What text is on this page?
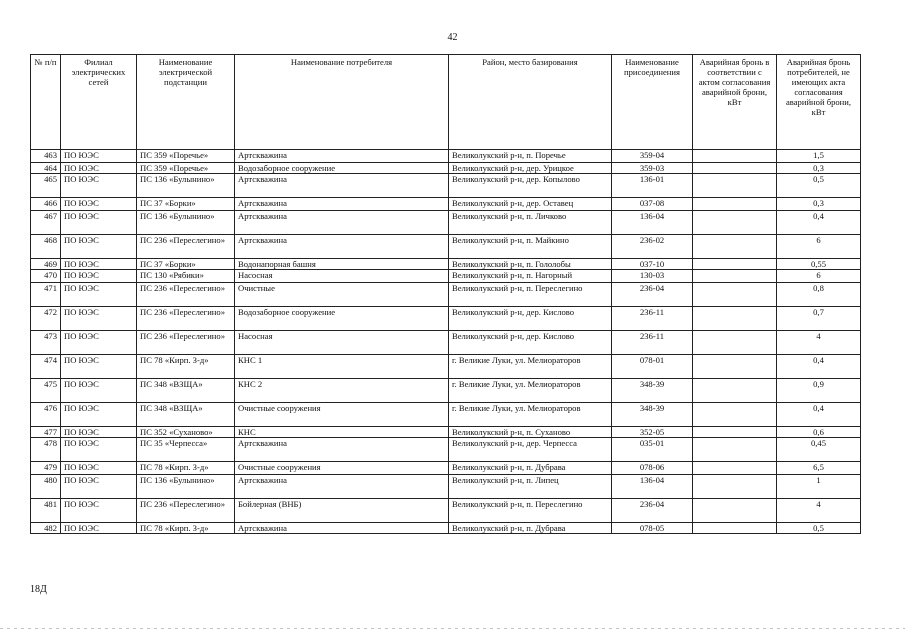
42
№ п/п	Филиал электрических сетей	Наименование электрической подстанции	Наименование потребителя	Район, место базирования	Наименование присоединения	Аварийная бронь в соответствии с актом согласования аварийной брони, кВт	Аварийная бронь потребителей, не имеющих акта согласования аварийной брони, кВт
463	ПО ЮЭС	ПС 359 «Поречье»	Артскважина	Великолукский р-н, п. Поречье	359-04		1,5
464	ПО ЮЭС	ПС 359 «Поречье»	Водозаборное сооружение	Великолукский р-н, дер. Урицкое	359-03		0,3
465	ПО ЮЭС	ПС 136 «Булынино»	Артскважина	Великолукский р-н, дер. Копылово	136-01		0,5
466	ПО ЮЭС	ПС 37 «Борки»	Артскважина	Великолукский р-н, дер. Оставец	037-08		0,3
467	ПО ЮЭС	ПС 136 «Булынино»	Артскважина	Великолукский р-н, п. Личково	136-04		0,4
468	ПО ЮЭС	ПС 236 «Переслегино»	Артскважина	Великолукский р-н, п. Майкино	236-02		6
469	ПО ЮЭС	ПС 37 «Борки»	Водонапорная башня	Великолукский р-н, п. Гололобы	037-10		0,55
470	ПО ЮЭС	ПС 130 «Рябики»	Насосная	Великолукский р-н, п. Нагорный	130-03		6
471	ПО ЮЭС	ПС 236 «Переслегино»	Очистные	Великолукский р-н, п. Переслегино	236-04		0,8
472	ПО ЮЭС	ПС 236 «Переслегино»	Водозаборное сооружение	Великолукский р-н, дер. Кислово	236-11		0,7
473	ПО ЮЭС	ПС 236 «Переслегино»	Насосная	Великолукский р-н, дер. Кислово	236-11		4
474	ПО ЮЭС	ПС 78 «Кирп. З-д»	КНС 1	г. Великие Луки, ул. Мелиораторов	078-01		0,4
475	ПО ЮЭС	ПС 348 «ВЗЩА»	КНС 2	г. Великие Луки, ул. Мелиораторов	348-39		0,9
476	ПО ЮЭС	ПС 348 «ВЗЩА»	Очистные сооружения	г. Великие Луки, ул. Мелиораторов	348-39		0,4
477	ПО ЮЭС	ПС 352 «Суханово»	КНС	Великолукский р-н, п. Суханово	352-05		0,6
478	ПО ЮЭС	ПС 35 «Черпесса»	Артскважина	Великолукский р-н, дер. Черпесса	035-01		0,45
479	ПО ЮЭС	ПС 78 «Кирп. З-д»	Очистные сооружения	Великолукский р-н, п. Дубрава	078-06		6,5
480	ПО ЮЭС	ПС 136 «Булынино»	Артскважина	Великолукский р-н, п. Липец	136-04		1
481	ПО ЮЭС	ПС 236 «Переслегино»	Бойлерная (ВНБ)	Великолукский р-н, п. Переслегино	236-04		4
482	ПО ЮЭС	ПС 78 «Кирп. З-д»	Артскважина	Великолукский р-н, п. Дубрава	078-05		0,5
18Д
